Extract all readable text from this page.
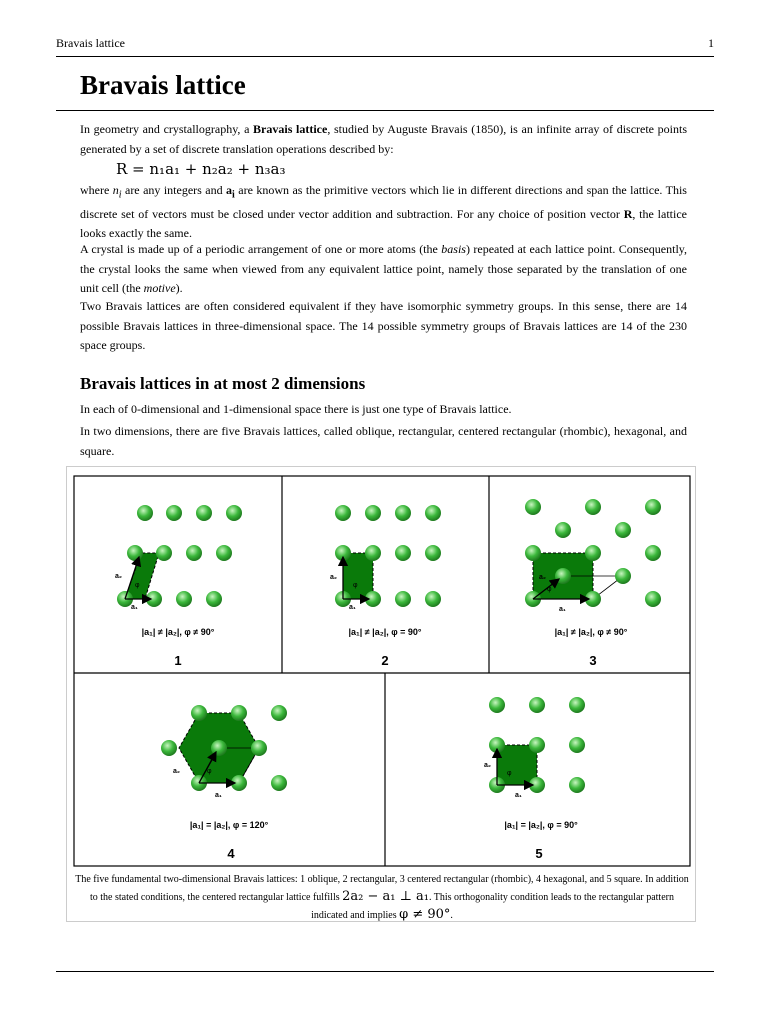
Bravais lattice	1
Bravais lattice
In geometry and crystallography, a Bravais lattice, studied by Auguste Bravais (1850), is an infinite array of discrete points generated by a set of discrete translation operations described by:
R = n₁a₁ + n₂a₂ + n₃a₃
where $n_i$ are any integers and $a_i$ are known as the primitive vectors which lie in different directions and span the lattice. This discrete set of vectors must be closed under vector addition and subtraction. For any choice of position vector R, the lattice looks exactly the same.
A crystal is made up of a periodic arrangement of one or more atoms (the basis) repeated at each lattice point. Consequently, the crystal looks the same when viewed from any equivalent lattice point, namely those separated by the translation of one unit cell (the motive).
Two Bravais lattices are often considered equivalent if they have isomorphic symmetry groups. In this sense, there are 14 possible Bravais lattices in three-dimensional space. The 14 possible symmetry groups of Bravais lattices are 14 of the 230 space groups.
Bravais lattices in at most 2 dimensions
In each of 0-dimensional and 1-dimensional space there is just one type of Bravais lattice.
In two dimensions, there are five Bravais lattices, called oblique, rectangular, centered rectangular (rhombic), hexagonal, and square.
a₂
a₁
φ
|a₁| ≠ |a₂|, φ ≠ 90°
1
a₂
a₁
φ
|a₁| ≠ |a₂|, φ = 90°
2
a₂
a₁
φ
|a₁| ≠ |a₂|, φ ≠ 90°
3
a₂
a₁
φ
|a₁| = |a₂|, φ = 120°
4
a₂
a₁
φ
|a₁| = |a₂|, φ = 90°
5
The five fundamental two-dimensional Bravais lattices: 1 oblique, 2 rectangular, 3 centered rectangular (rhombic), 4 hexagonal, and 5 square. In addition to the stated conditions, the centered rectangular lattice fulfills 2a₂ − a₁ ⊥ a₁. This orthogonality condition leads to the rectangular pattern indicated and implies φ ≠ 90°.
